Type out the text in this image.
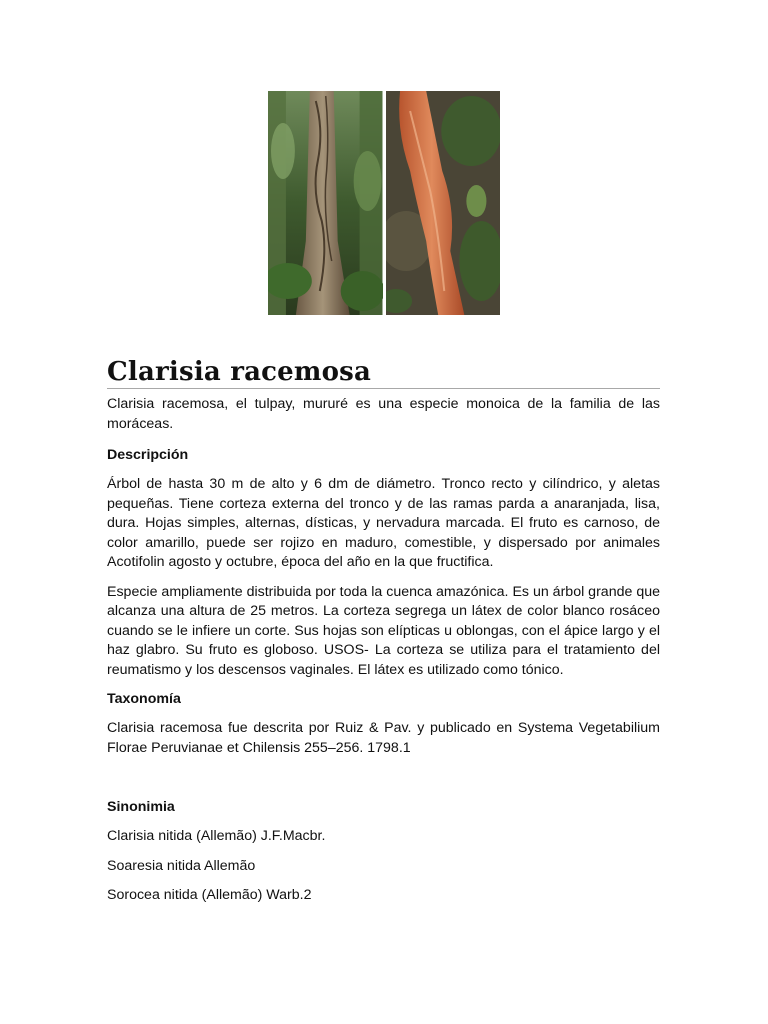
Clarisia racemosa

Clarisia racemosa, el tulpay, mururé es una especie monoica de la familia de las moráceas.

Descripción

Árbol de hasta 30 m de alto y 6 dm de diámetro. Tronco recto y cilíndrico, y aletas pequeñas. Tiene corteza externa del tronco y de las ramas parda a anaranjada, lisa, dura. Hojas simples, alternas, dísticas, y nervadura marcada. El fruto es carnoso, de color amarillo, puede ser rojizo en maduro, comestible, y dispersado por animales Acotifolin agosto y octubre, época del año en la que fructifica.

Especie ampliamente distribuida por toda la cuenca amazónica. Es un árbol grande que alcanza una altura de 25 metros. La corteza segrega un látex de color blanco rosáceo cuando se le infiere un corte. Sus hojas son elípticas u oblongas, con el ápice largo y el haz glabro. Su fruto es globoso. USOS- La corteza se utiliza para el tratamiento del reumatismo y los descensos vaginales. El látex es utilizado como tónico.

Taxonomía

Clarisia racemosa fue descrita por Ruiz & Pav. y publicado en Systema Vegetabilium Florae Peruvianae et Chilensis 255–256. 1798.1

Sinonimia

Clarisia nitida (Allemão) J.F.Macbr.

Soaresia nitida Allemão

Sorocea nitida (Allemão) Warb.2
